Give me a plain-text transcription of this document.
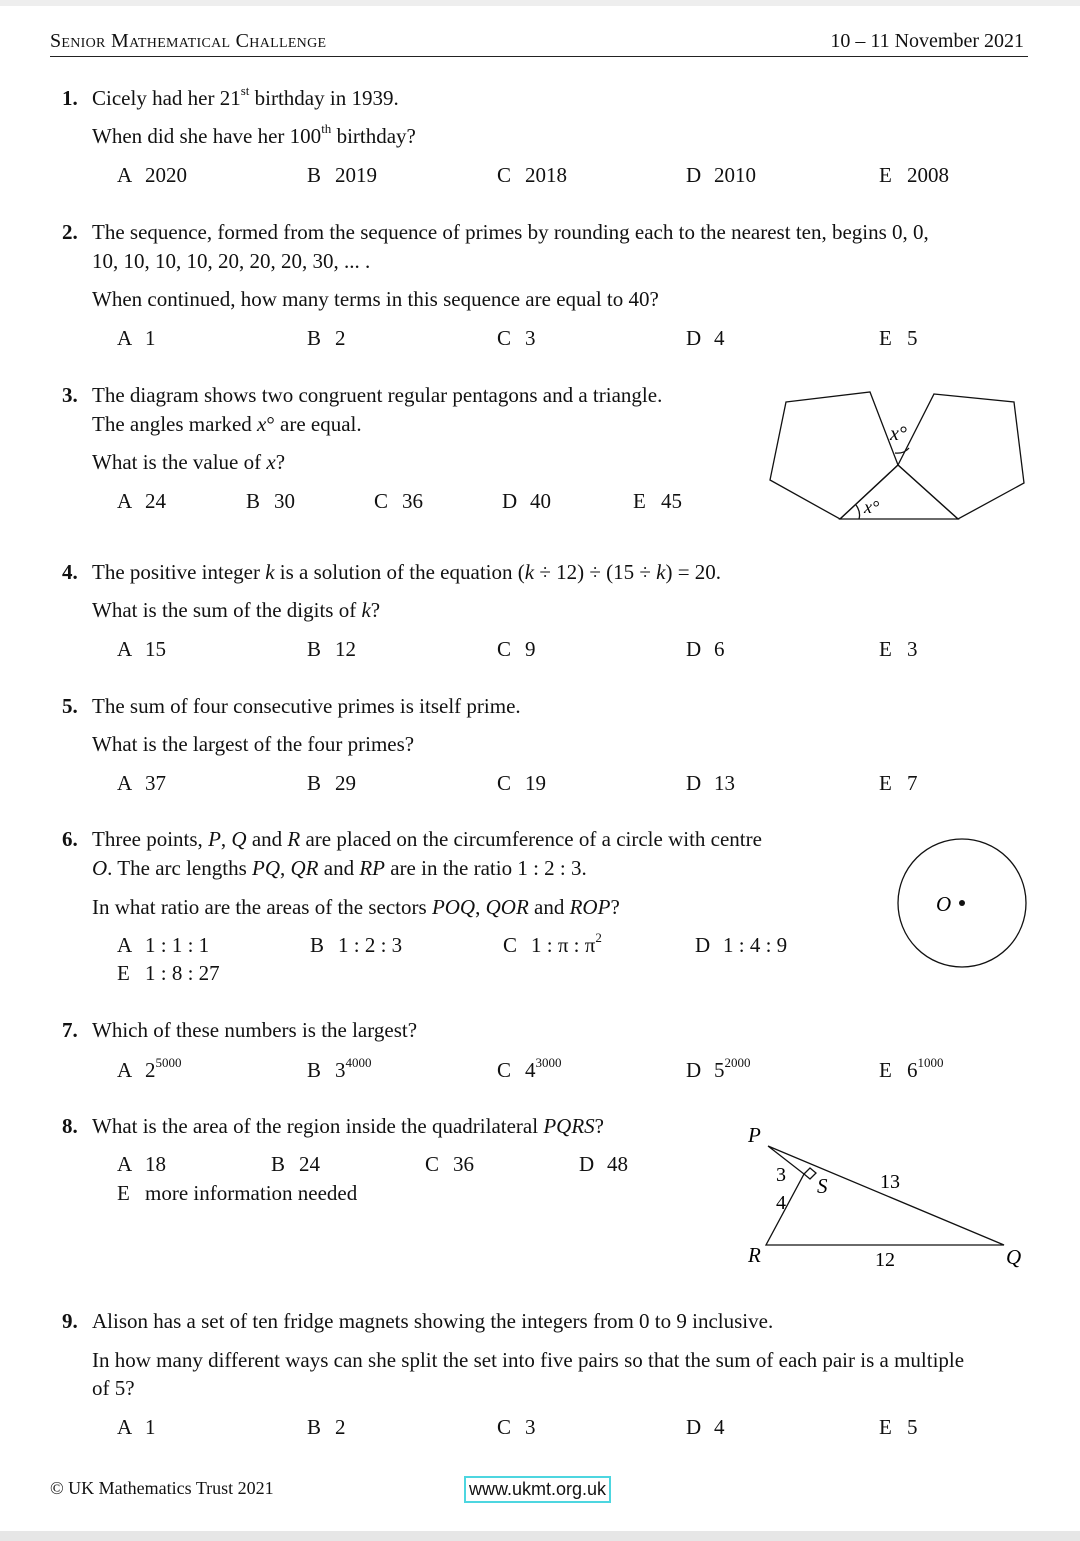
Senior Mathematical Challenge	10 – 11 November 2021
1. Cicely had her 21st birthday in 1939.
When did she have her 100th birthday?
A 2020	B 2019	C 2018	D 2010	E 2008
2. The sequence, formed from the sequence of primes by rounding each to the nearest ten, begins 0, 0,
10, 10, 10, 10, 20, 20, 20, 30, ... .
When continued, how many terms in this sequence are equal to 40?
A 1	B 2	C 3	D 4	E 5
3. The diagram shows two congruent regular pentagons and a triangle.
The angles marked x° are equal.
What is the value of x?
A 24	B 30	C 36	D 40	E 45
x°
x°
4. The positive integer k is a solution of the equation (k ÷ 12) ÷ (15 ÷ k) = 20.
What is the sum of the digits of k?
A 15	B 12	C 9	D 6	E 3
5. The sum of four consecutive primes is itself prime.
What is the largest of the four primes?
A 37	B 29	C 19	D 13	E 7
6. Three points, P, Q and R are placed on the circumference of a circle with centre
O. The arc lengths PQ, QR and RP are in the ratio 1 : 2 : 3.
In what ratio are the areas of the sectors POQ, QOR and ROP?
A 1 : 1 : 1	B 1 : 2 : 3	C 1 : π : $\pi^2$	D 1 : 4 : 9
E 1 : 8 : 27
O
7. Which of these numbers is the largest?
A $2^{5000}$	B $3^{4000}$	C $4^{3000}$	D $5^{2000}$	E $6^{1000}$
8. What is the area of the region inside the quadrilateral PQRS?
A 18	B 24	C 36	D 48
E more information needed
P
Q
R
S
3
4
13
12
9. Alison has a set of ten fridge magnets showing the integers from 0 to 9 inclusive.
In how many different ways can she split the set into five pairs so that the sum of each pair is a multiple
of 5?
A 1	B 2	C 3	D 4	E 5
© UK Mathematics Trust 2021	www.ukmt.org.uk
